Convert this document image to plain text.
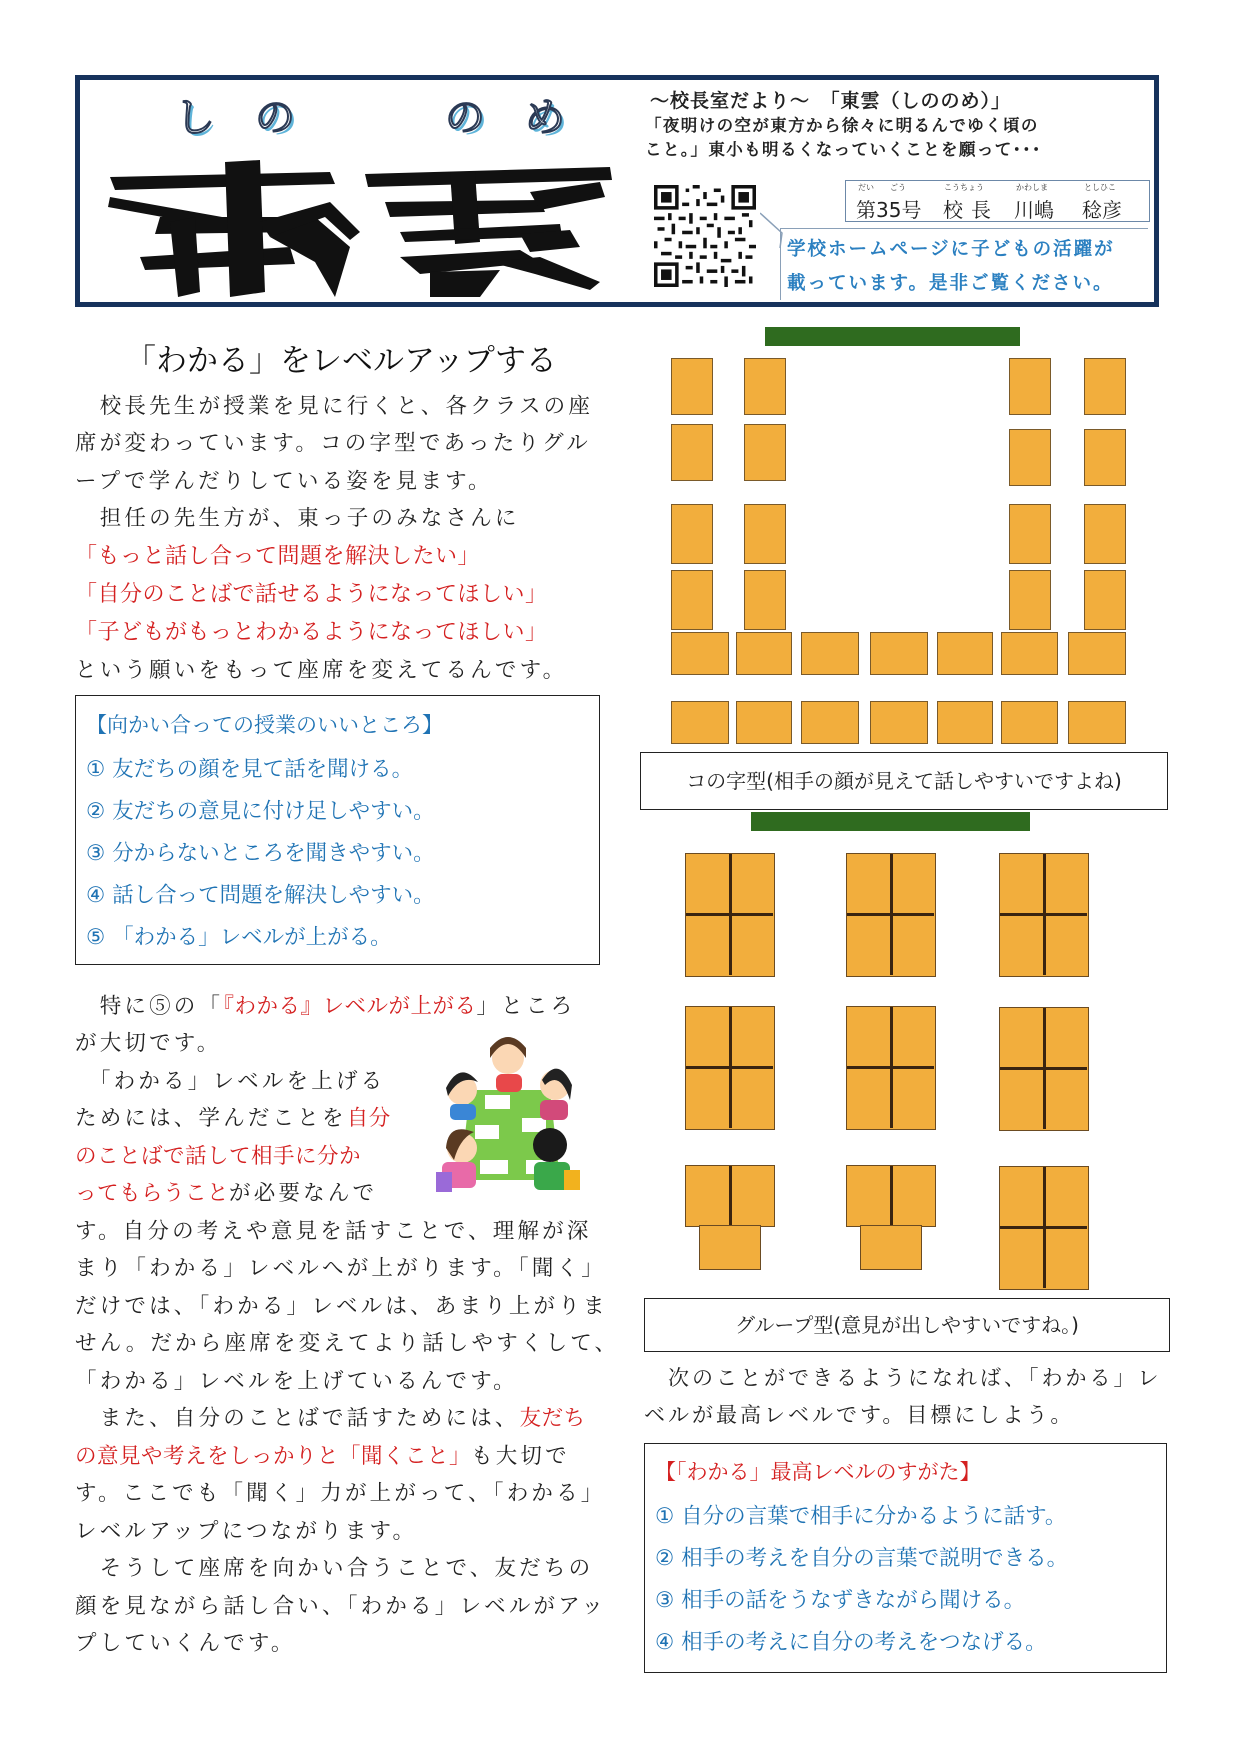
し の	の め	〜校長室だより〜　「東雲（しののめ）」
「夜明けの空が東方から徐々に明るんでゆく頃の
こと。」東小も明るくなっていくことを願って･･･
だい　　ごう	こうちょう	かわしま	としひこ
第35号 校長 川嶋 稔彦
学校ホームページに子どもの活躍が
載っています。是非ご覧ください。
「わかる」をレベルアップする
　校長先生が授業を見に行くと、各クラスの座
席が変わっています。コの字型であったりグル
ープで学んだりしている姿を見ます。
　担任の先生方が、東っ子のみなさんに
「もっと話し合って問題を解決したい」
「自分のことばで話せるようになってほしい」
「子どもがもっとわかるようになってほしい」
という願いをもって座席を変えてるんです。
【向かい合っての授業のいいところ】
① 友だちの顔を見て話を聞ける。
② 友だちの意見に付け足しやすい。
③ 分からないところを聞きやすい。
④ 話し合って問題を解決しやすい。
⑤ 「わかる」レベルが上がる。
　特に⑤の「『わかる』レベルが上がる」ところ
が大切です。
　「わかる」レベルを上げる
ためには、学んだことを自分
のことばで話して相手に分か
ってもらうことが必要なんで
す。自分の考えや意見を話すことで、理解が深
まり「わかる」レベルへが上がります。「聞く」
だけでは、「わかる」レベルは、あまり上がりま
せん。だから座席を変えてより話しやすくして、
「わかる」レベルを上げているんです。
　また、自分のことばで話すためには、友だち
の意見や考えをしっかりと「聞くこと」も大切で
す。ここでも「聞く」力が上がって、「わかる」
レベルアップにつながります。
　そうして座席を向かい合うことで、友だちの
顔を見ながら話し合い、「わかる」レベルがアッ
プしていくんです。
コの字型(相手の顔が見えて話しやすいですよね)
グループ型(意見が出しやすいですね。)
　次のことができるようになれば、「わかる」レ
ベルが最高レベルです。目標にしよう。
【「わかる」最高レベルのすがた】
① 自分の言葉で相手に分かるように話す。
② 相手の考えを自分の言葉で説明できる。
③ 相手の話をうなずきながら聞ける。
④ 相手の考えに自分の考えをつなげる。
